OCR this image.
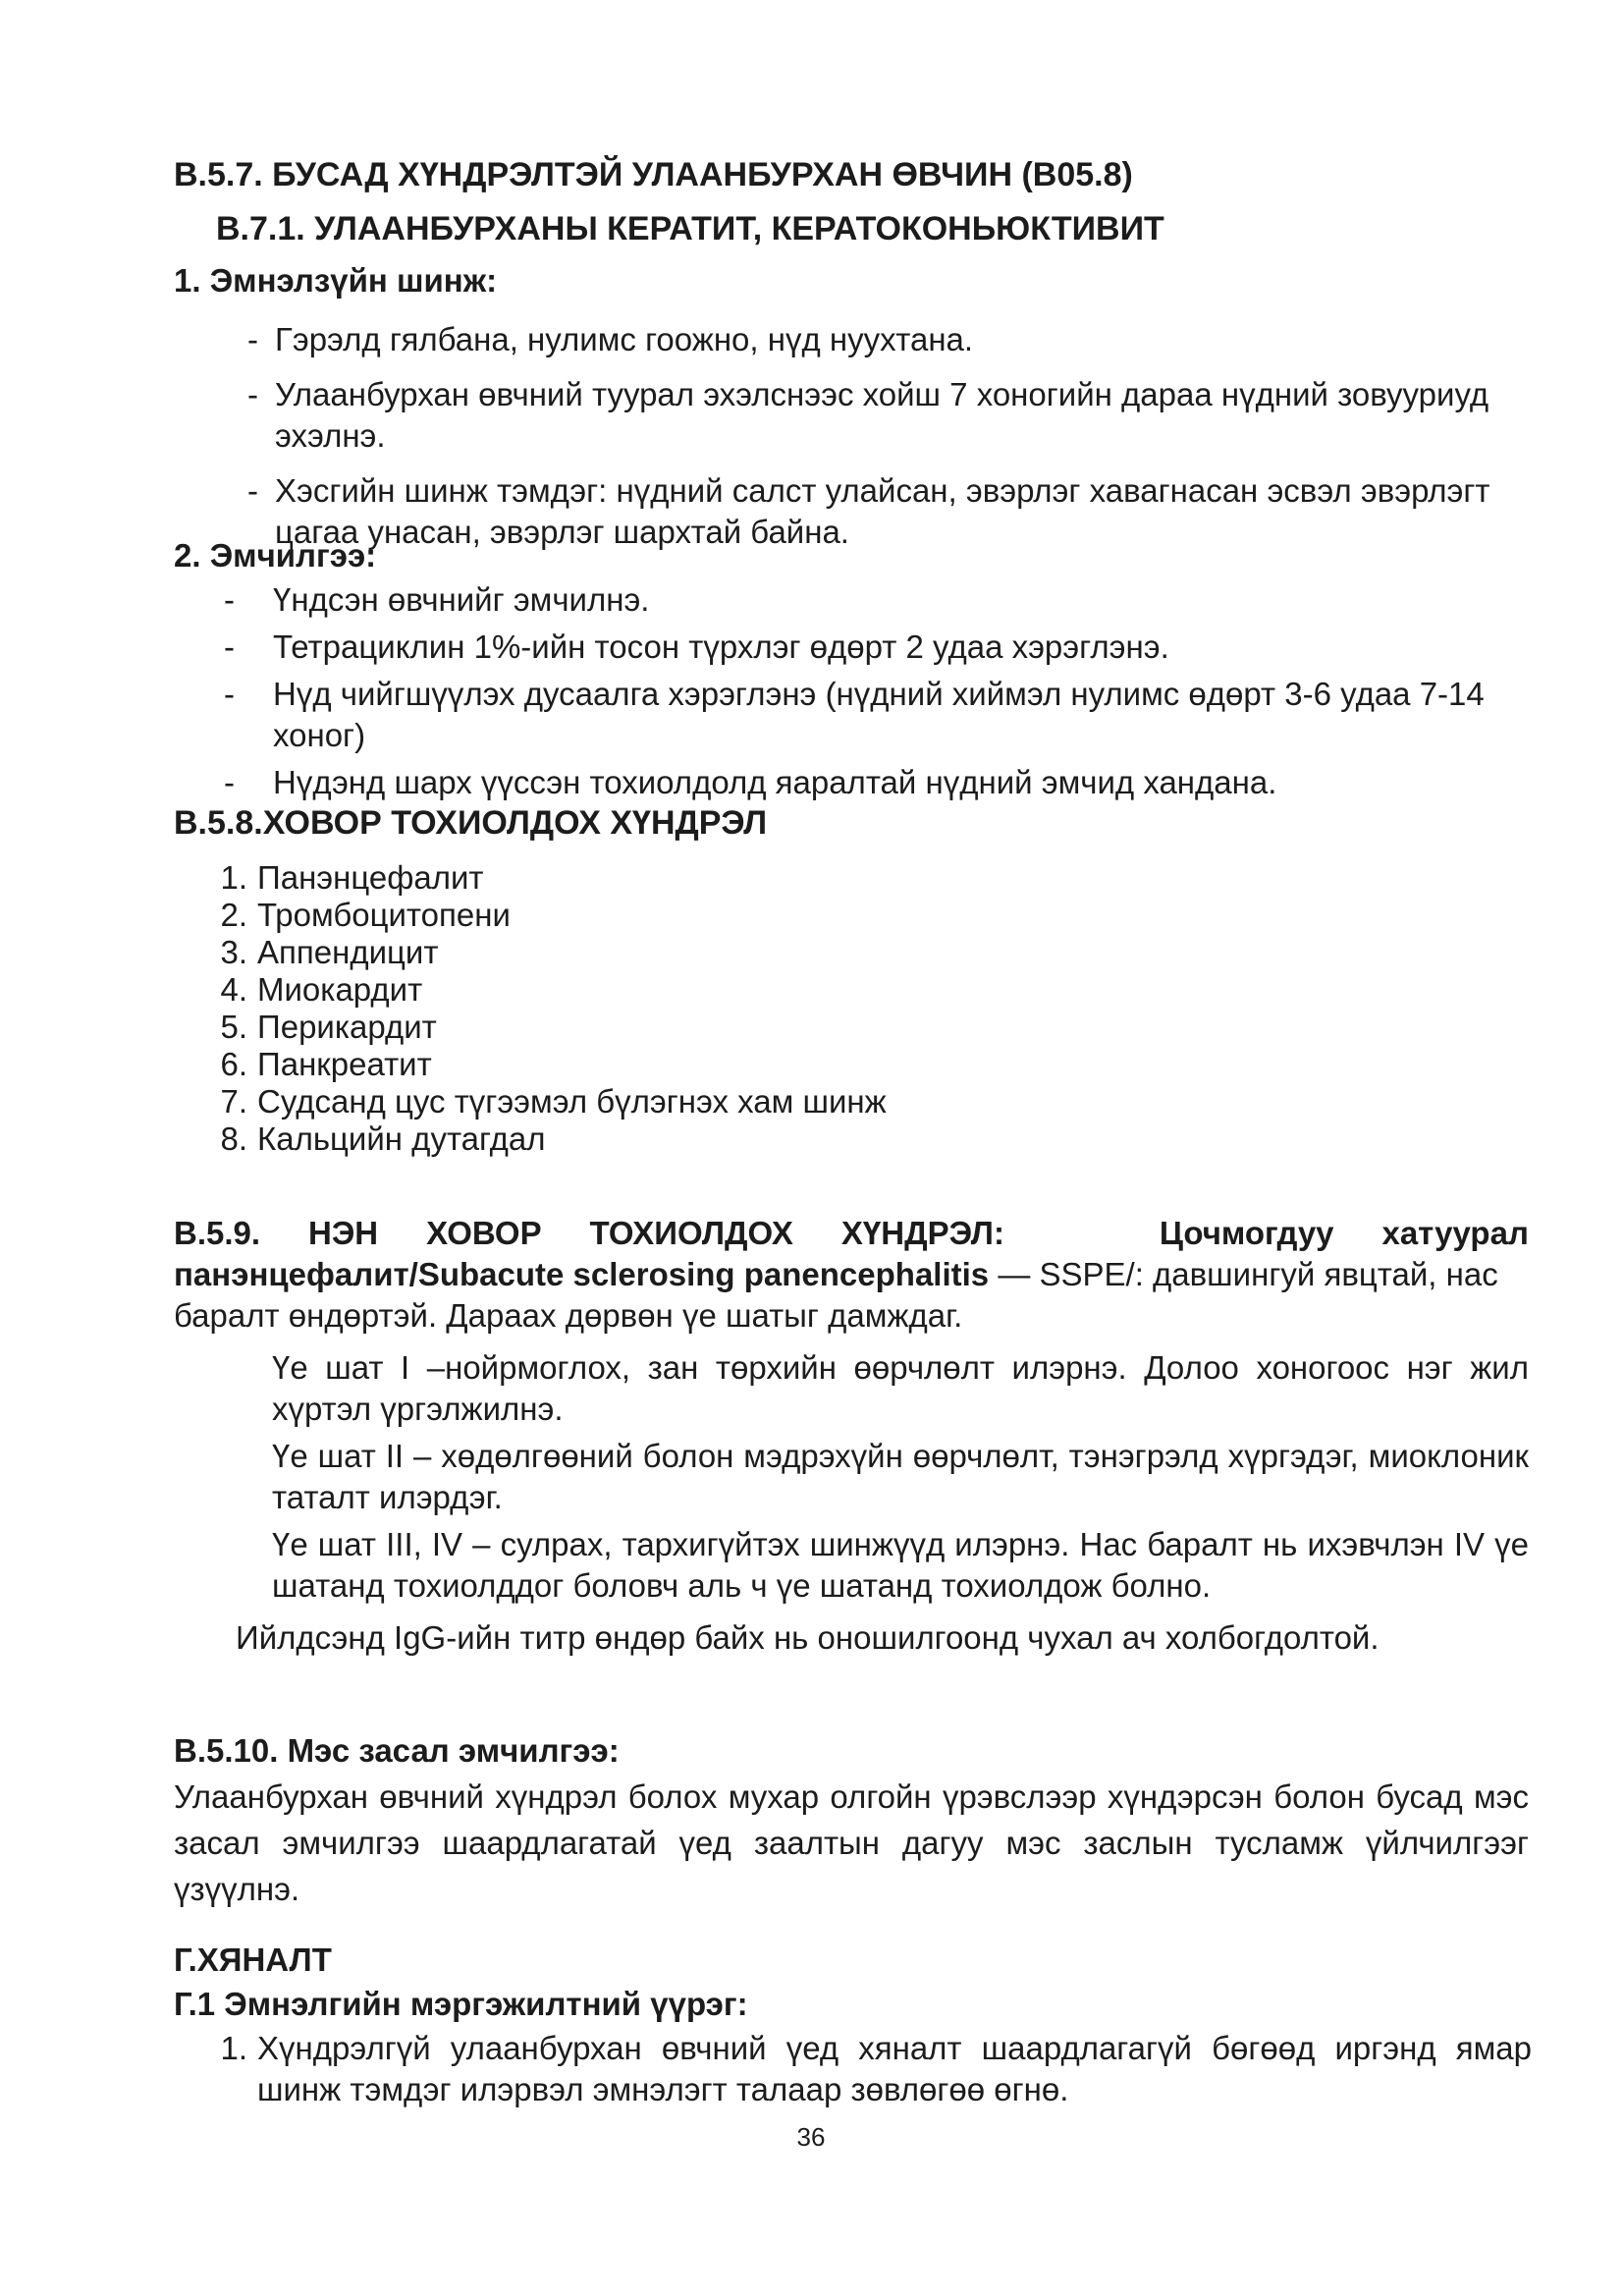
В.5.7. БУСАД ХҮНДРЭЛТЭЙ УЛААНБУРХАН ӨВЧИН (В05.8)
В.7.1. УЛААНБУРХАНЫ КЕРАТИТ, КЕРАТОКОНЬЮКТИВИТ
1. Эмнэлзүйн шинж:
- Гэрэлд гялбана, нулимс гоожно, нүд нуухтана.
- Улаанбурхан өвчний туурал эхэлснээс хойш 7 хоногийн дараа нүдний зовууриуд эхэлнэ.
- Хэсгийн шинж тэмдэг: нүдний салст улайсан, эвэрлэг хавагнасан эсвэл эвэрлэгт цагаа унасан, эвэрлэг шархтай байна.
2. Эмчилгээ:
-	Үндсэн өвчнийг эмчилнэ.
-	Тетрациклин 1%-ийн тосон түрхлэг өдөрт 2 удаа хэрэглэнэ.
-	Нүд чийгшүүлэх дусаалга хэрэглэнэ (нүдний хиймэл нулимс өдөрт 3-6 удаа 7-14 хоног)
-	Нүдэнд шарх үүссэн тохиолдолд яаралтай нүдний эмчид хандана.
В.5.8.ХОВОР ТОХИОЛДОХ ХҮНДРЭЛ
1. Панэнцефалит
2. Тромбоцитопени
3. Аппендицит
4. Миокардит
5. Перикардит
6. Панкреатит
7. Судсанд цус түгээмэл бүлэгнэх хам шинж
8. Кальцийн дутагдал
В.5.9. НЭН ХОВОР ТОХИОЛДОХ ХҮНДРЭЛ:	Цочмогдуу хатуурал
панэнцефалит/Subacute sclerosing panencephalitis — SSPE/: давшингуй явцтай, нас
баралт өндөртэй. Дараах дөрвөн үе шатыг дамждаг.
Үе шат I –нойрмоглох, зан төрхийн өөрчлөлт илэрнэ. Долоо хоногоос нэг жил хүртэл үргэлжилнэ.
Үе шат II – хөдөлгөөний болон мэдрэхүйн өөрчлөлт, тэнэгрэлд хүргэдэг, миоклоник таталт илэрдэг.
Үе шат III, IV – сулрах, тархигүйтэх шинжүүд илэрнэ. Нас баралт нь ихэвчлэн IV үе шатанд тохиолддог боловч аль ч үе шатанд тохиолдож болно.
Ийлдсэнд IgG-ийн титр өндөр байх нь оношилгоонд чухал ач холбогдолтой.
В.5.10. Мэс засал эмчилгээ:
Улаанбурхан өвчний хүндрэл болох мухар олгойн үрэвслээр хүндэрсэн болон бусад мэс засал эмчилгээ шаардлагатай үед заалтын дагуу мэс заслын тусламж үйлчилгээг үзүүлнэ.
Г.ХЯНАЛТ
Г.1 Эмнэлгийн мэргэжилтний үүрэг:
1. Хүндрэлгүй улаанбурхан өвчний үед хяналт шаардлагагүй бөгөөд иргэнд ямар шинж тэмдэг илэрвэл эмнэлэгт талаар зөвлөгөө өгнө.
36
